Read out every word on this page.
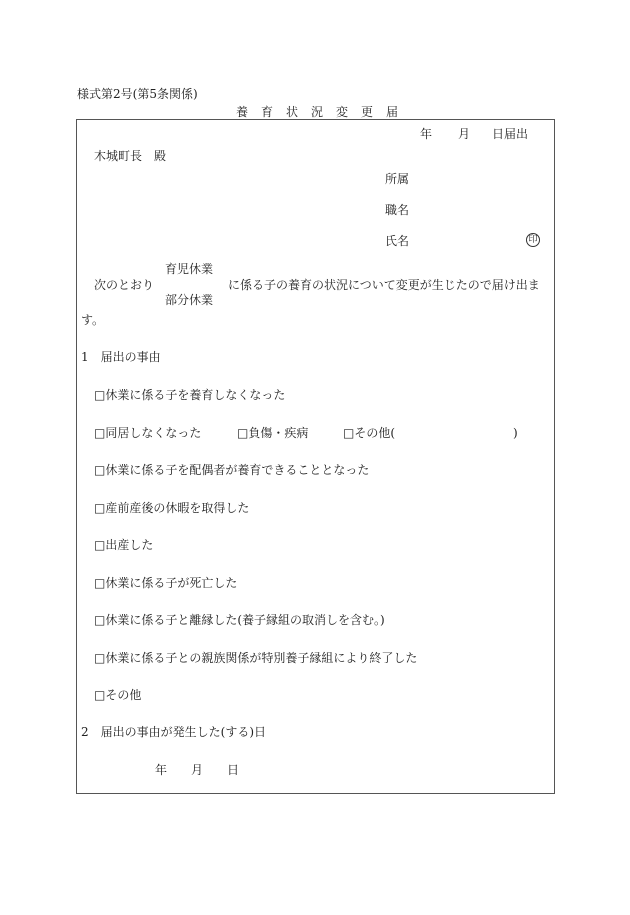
様式第2号(第5条関係)
養 育 状 況 変 更 届
年 月 日届出
木城町長　殿
所属
職名
氏名	印
次のとおり
育児休業
部分休業
に係る子の養育の状況について変更が生じたので届け出ま
す。
1　届出の事由
□休業に係る子を養育しなくなった
□同居しなくなった	□負傷・疾病	□その他(	)
□休業に係る子を配偶者が養育できることとなった
□産前産後の休暇を取得した
□出産した
□休業に係る子が死亡した
□休業に係る子と離縁した(養子縁組の取消しを含む。)
□休業に係る子との親族関係が特別養子縁組により終了した
□その他
2　届出の事由が発生した(する)日
年 月 日
